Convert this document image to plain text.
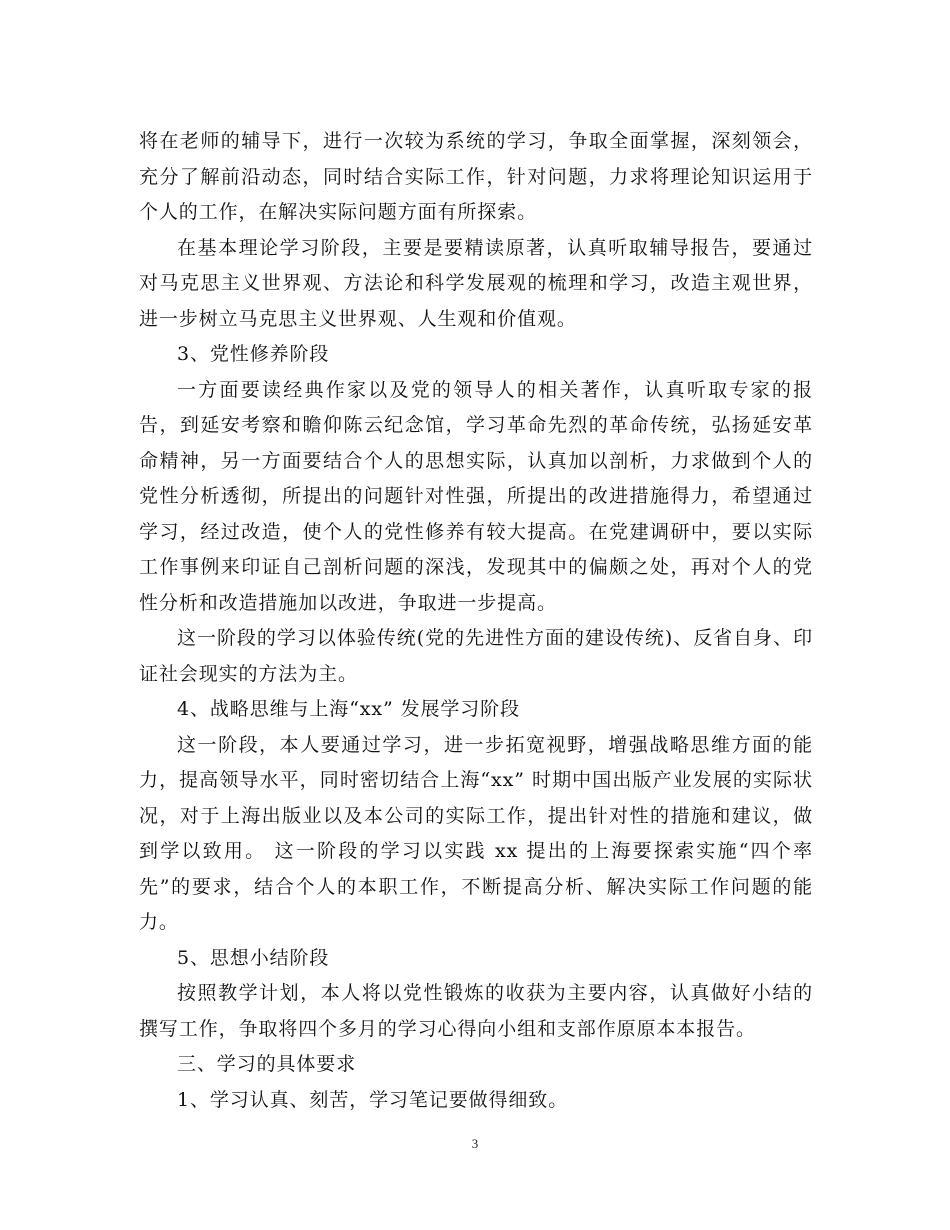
将在老师的辅导下，进行一次较为系统的学习，争取全面掌握，深刻领会，充分了解前沿动态，同时结合实际工作，针对问题，力求将理论知识运用于个人的工作，在解决实际问题方面有所探索。

在基本理论学习阶段，主要是要精读原著，认真听取辅导报告，要通过对马克思主义世界观、方法论和科学发展观的梳理和学习，改造主观世界，进一步树立马克思主义世界观、人生观和价值观。

3、党性修养阶段

一方面要读经典作家以及党的领导人的相关著作，认真听取专家的报告，到延安考察和瞻仰陈云纪念馆，学习革命先烈的革命传统，弘扬延安革命精神，另一方面要结合个人的思想实际，认真加以剖析，力求做到个人的党性分析透彻，所提出的问题针对性强，所提出的改进措施得力，希望通过学习，经过改造，使个人的党性修养有较大提高。在党建调研中，要以实际工作事例来印证自己剖析问题的深浅，发现其中的偏颇之处，再对个人的党性分析和改造措施加以改进，争取进一步提高。

这一阶段的学习以体验传统(党的先进性方面的建设传统)、反省自身、印证社会现实的方法为主。

4、战略思维与上海“xx” 发展学习阶段

这一阶段，本人要通过学习，进一步拓宽视野，增强战略思维方面的能力，提高领导水平，同时密切结合上海“xx” 时期中国出版产业发展的实际状况，对于上海出版业以及本公司的实际工作，提出针对性的措施和建议，做到学以致用。 这一阶段的学习以实践 xx 提出的上海要探索实施“四个率先”的要求，结合个人的本职工作，不断提高分析、解决实际工作问题的能力。

5、思想小结阶段

按照教学计划，本人将以党性锻炼的收获为主要内容，认真做好小结的撰写工作，争取将四个多月的学习心得向小组和支部作原原本本报告。

三、学习的具体要求

1、学习认真、刻苦，学习笔记要做得细致。

3
